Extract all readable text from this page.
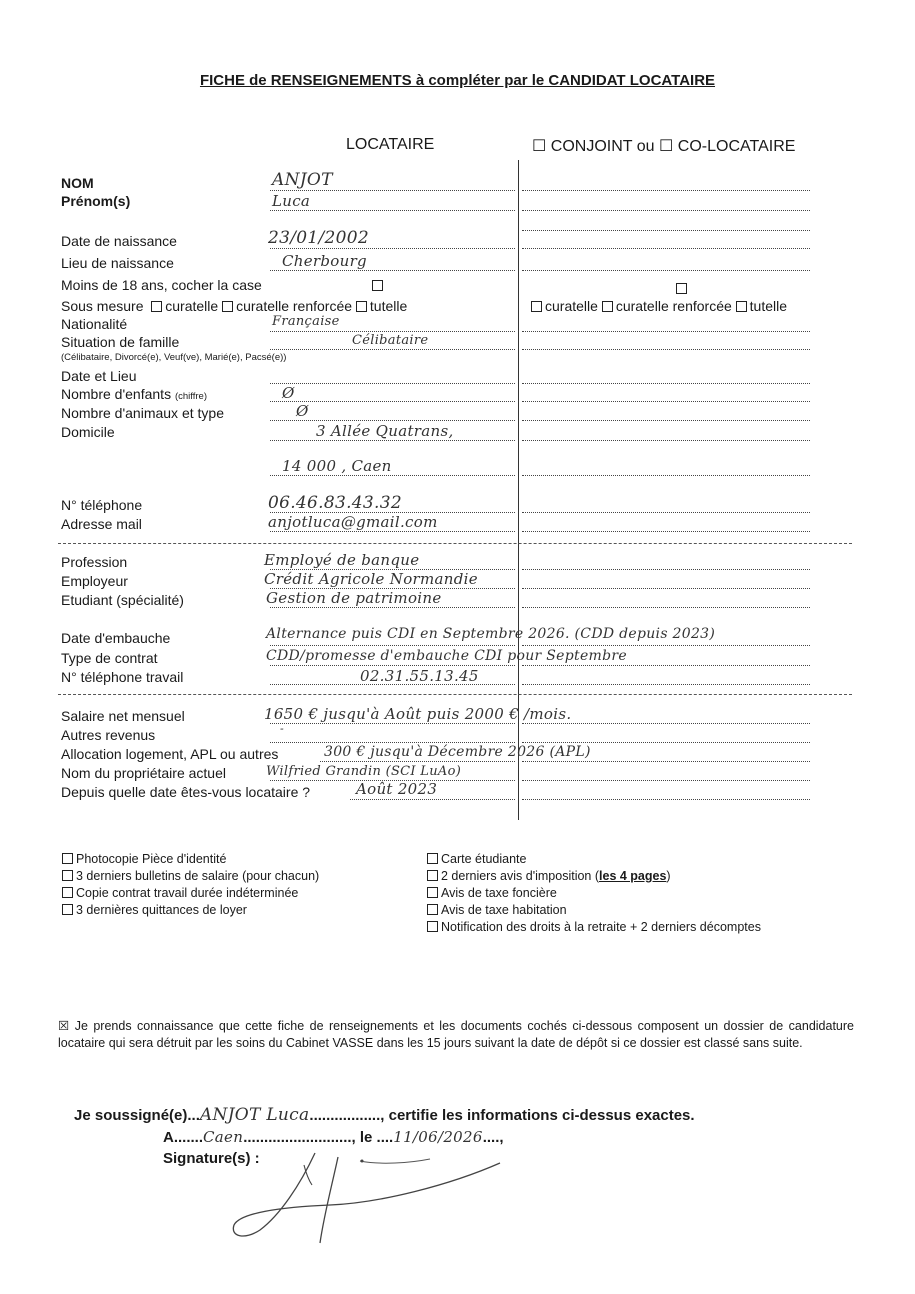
FICHE de RENSEIGNEMENTS à compléter par le CANDIDAT LOCATAIRE
LOCATAIRE	☐ CONJOINT ou ☐ CO-LOCATAIRE
NOM
Prénom(s)
Date de naissance
Lieu de naissance
Moins de 18 ans, cocher la case
Sous mesure curatelle curatelle renforcée tutelle	curatelle curatelle renforcée tutelle
Nationalité
Situation de famille
(Célibataire, Divorcé(e), Veuf(ve), Marié(e), Pacsé(e))
Date et Lieu
Nombre d'enfants (chiffre)
Nombre d'animaux et type
Domicile
N° téléphone
Adresse mail
Profession
Employeur
Etudiant (spécialité)
Date d'embauche
Type de contrat
N° téléphone travail
Salaire net mensuel
Autres revenus
Allocation logement, APL ou autres
Nom du propriétaire actuel
Depuis quelle date êtes-vous locataire ?
ANJOT
Luca
23/01/2002
Cherbourg
Française
Célibataire
Ø
Ø
3 Allée Quatrans,
14 000 , Caen
06.46.83.43.32
anjotluca@gmail.com
Employé de banque
Crédit Agricole Normandie
Gestion de patrimoine
Alternance puis CDI en Septembre 2026. (CDD depuis 2023)
CDD/promesse d'embauche CDI pour Septembre
02.31.55.13.45
1650 € jusqu'à Août puis 2000 € /mois.
-
300 € jusqu'à Décembre 2026 (APL)
Wilfried Grandin (SCI LuAo)
Août 2023
Photocopie Pièce d'identité
3 derniers bulletins de salaire (pour chacun)
Copie contrat travail durée indéterminée
3 dernières quittances de loyer
Carte étudiante
2 derniers avis d'imposition (les 4 pages)
Avis de taxe foncière
Avis de taxe habitation
Notification des droits à la retraite + 2 derniers décomptes
☒ Je prends connaissance que cette fiche de renseignements et les documents cochés ci-dessous composent un dossier de candidature locataire qui sera détruit par les soins du Cabinet VASSE dans les 15 jours suivant la date de dépôt si ce dossier est classé sans suite.
Je soussigné(e)...ANJOT Luca................., certifie les informations ci-dessus exactes.
A.......Caen.........................., le ....11/06/2026....,
Signature(s) :
